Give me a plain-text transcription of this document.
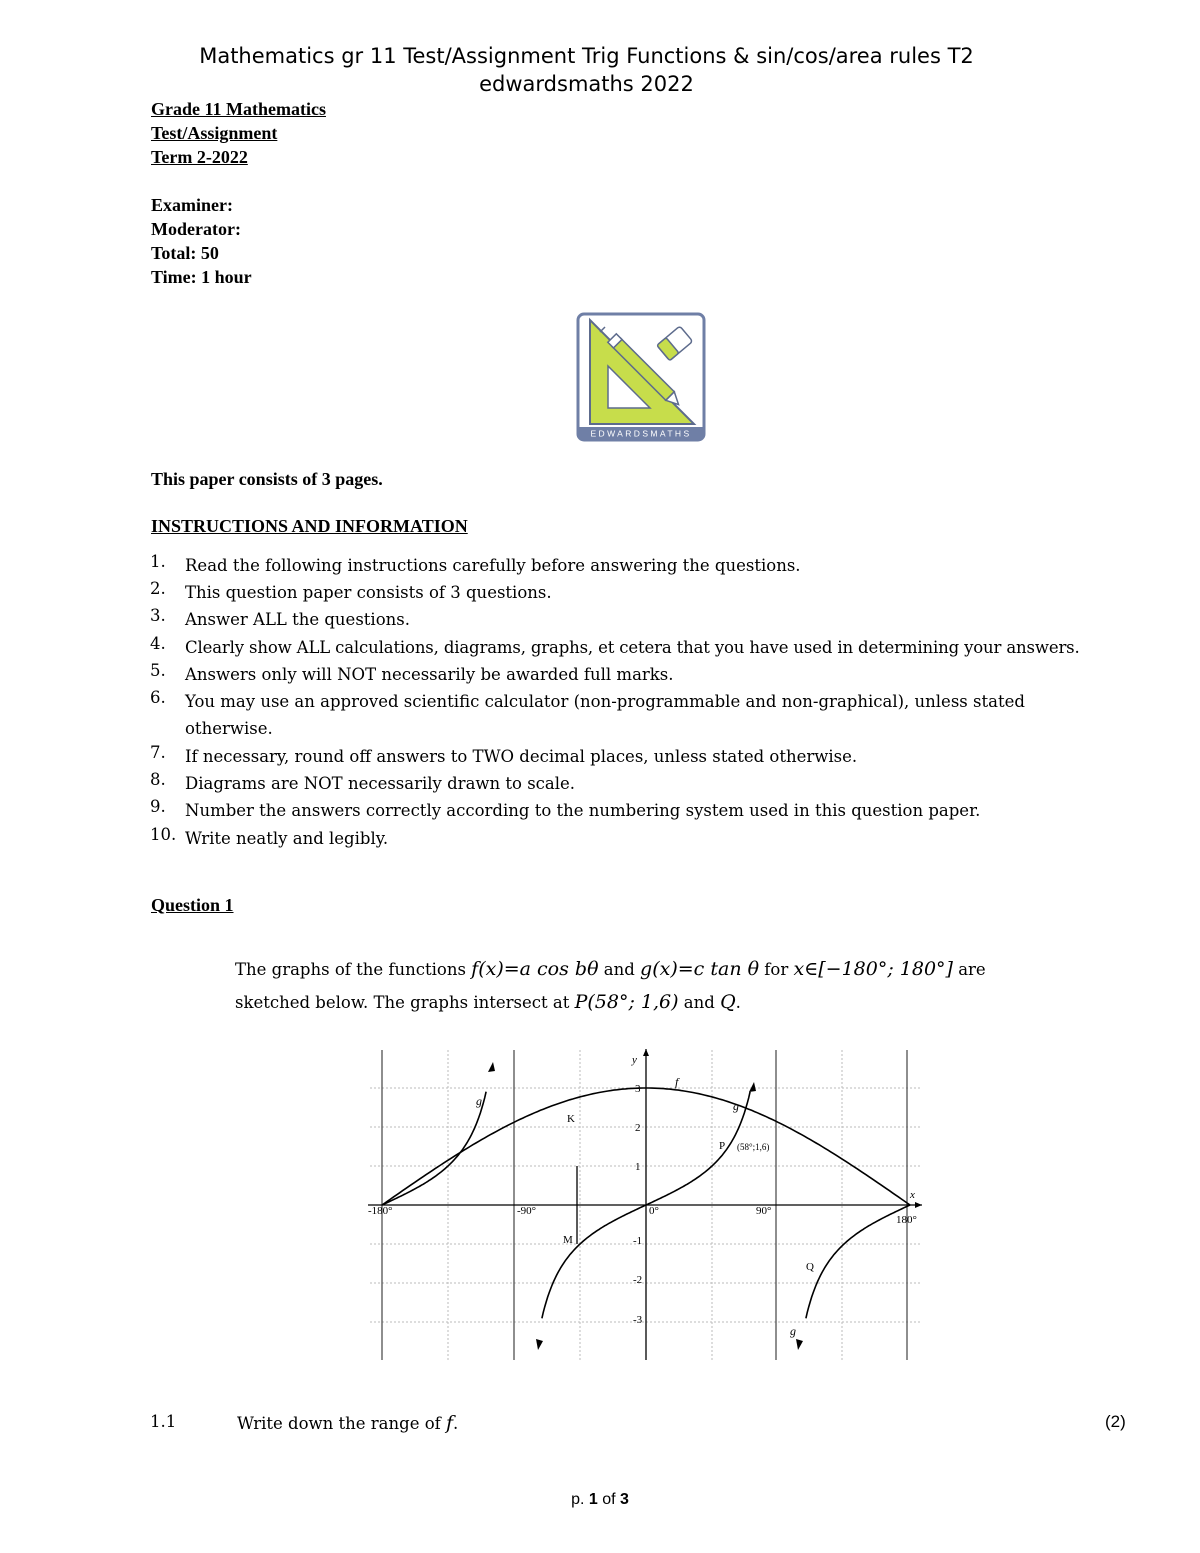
Mathematics gr 11 Test/Assignment Trig Functions & sin/cos/area rules T2
edwardsmaths 2022
Grade 11 Mathematics
Test/Assignment
Term 2-2022
Examiner:
Moderator:
Total: 50
Time: 1 hour
EDWARDSMATHS
This paper consists of 3 pages.
INSTRUCTIONS AND INFORMATION
1.	Read the following instructions carefully before answering the questions.
2.	This question paper consists of 3 questions.
3.	Answer ALL the questions.
4.	Clearly show ALL calculations, diagrams, graphs, et cetera that you have used in determining your answers.
5.	Answers only will NOT necessarily be awarded full marks.
6.	You may use an approved scientific calculator (non-programmable and non-graphical), unless stated otherwise.
7.	If necessary, round off answers to TWO decimal places, unless stated otherwise.
8.	Diagrams are NOT necessarily drawn to scale.
9.	Number the answers correctly according to the numbering system used in this question paper.
10. Write neatly and legibly.
Question 1
The graphs of the functions f(x)=a cos bθ and g(x)=c tan θ for x∈[−180°; 180°] are
sketched below. The graphs intersect at P(58°; 1,6) and Q.
-180°	-90°	0°	90°
180°
3
2
1
-1
-2
-3
y
x
f
g	g
g
K
M
P (58°;1,6)
Q
1.1	Write down the range of f.	(2)
p. 1 of 3
